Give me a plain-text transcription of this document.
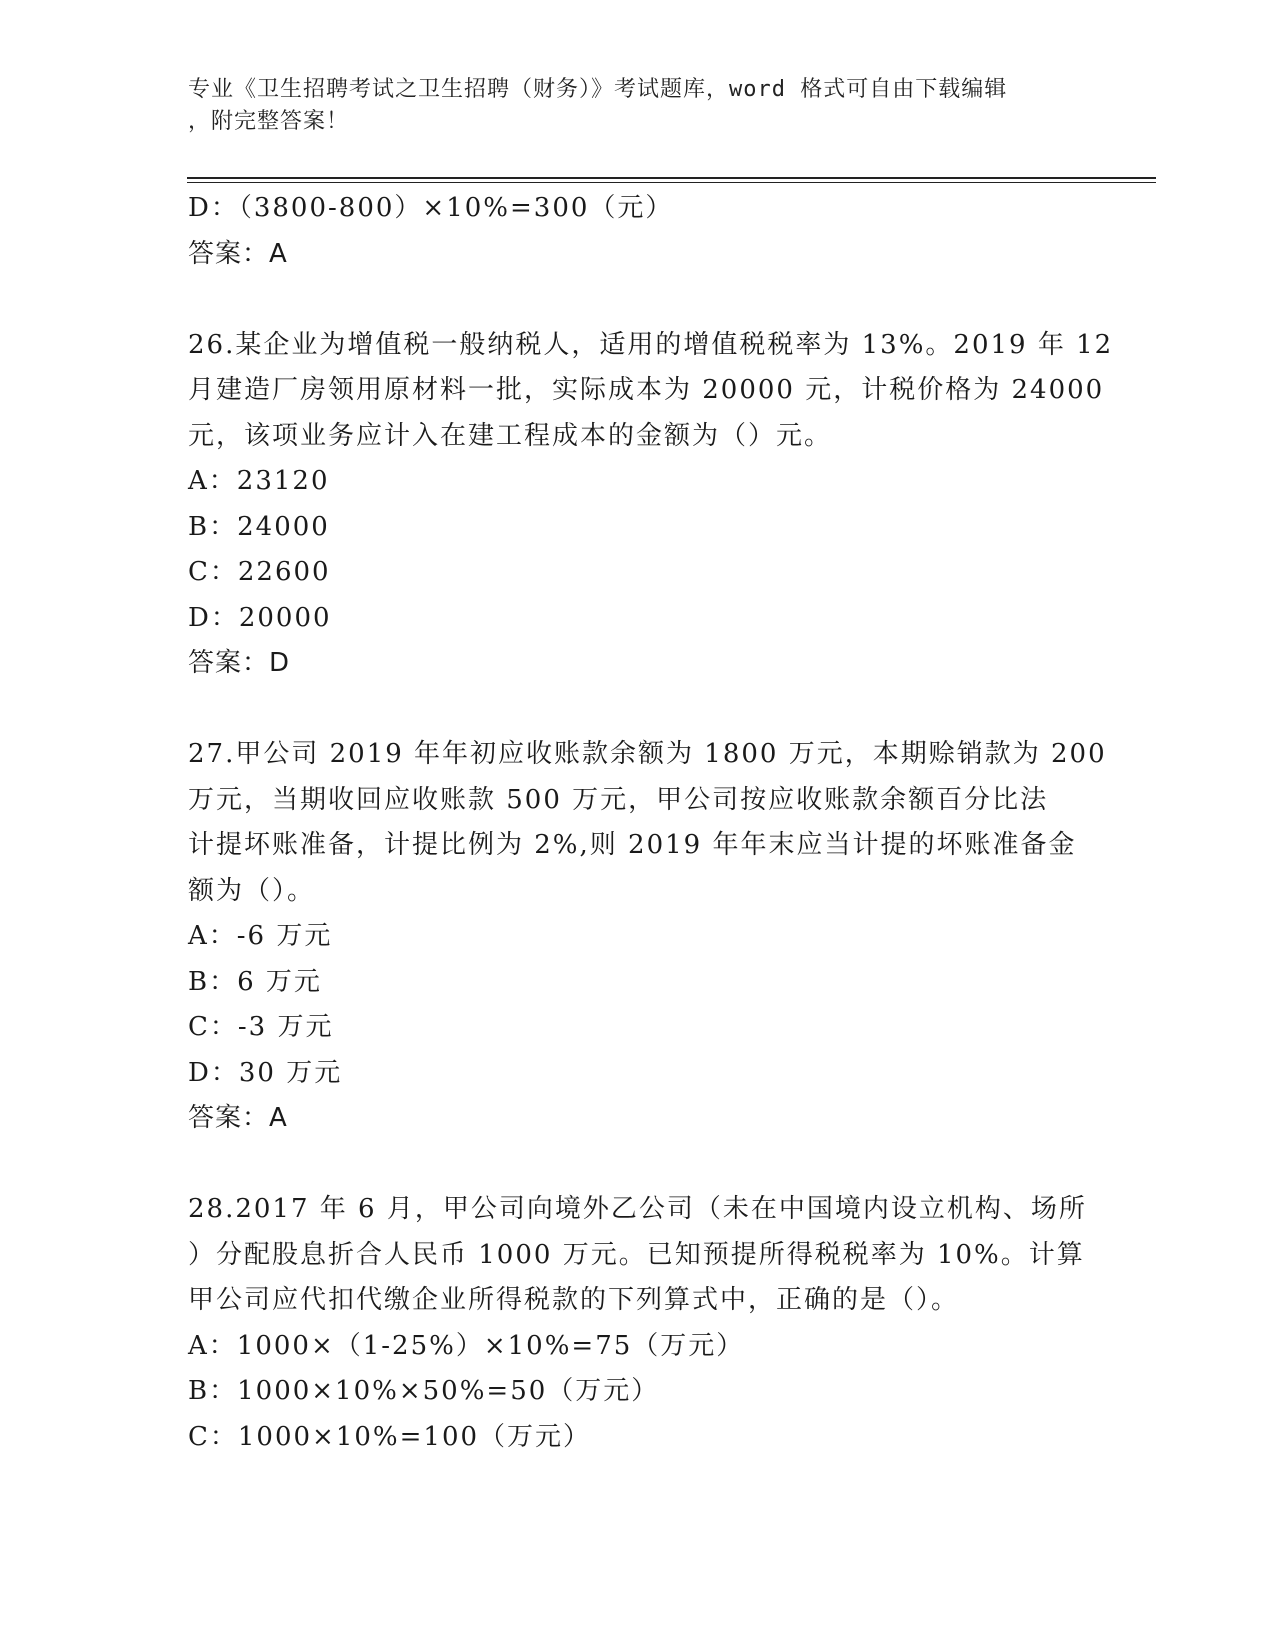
专业《卫生招聘考试之卫生招聘（财务）》考试题库，word 格式可自由下载编辑
，附完整答案！
D：（3800-800）×10%=300（元）
答案：A
26.某企业为增值税一般纳税人，适用的增值税税率为 13%。2019 年 12
月建造厂房领用原材料一批，实际成本为 20000 元，计税价格为 24000
元，该项业务应计入在建工程成本的金额为（）元。
A：23120
B：24000
C：22600
D：20000
答案：D
27.甲公司 2019 年年初应收账款余额为 1800 万元，本期赊销款为 200
万元，当期收回应收账款 500 万元，甲公司按应收账款余额百分比法
计提坏账准备，计提比例为 2%,则 2019 年年末应当计提的坏账准备金
额为（）。
A：-6 万元
B：6 万元
C：-3 万元
D：30 万元
答案：A
28.2017 年 6 月，甲公司向境外乙公司（未在中国境内设立机构、场所
）分配股息折合人民币 1000 万元。已知预提所得税税率为 10%。计算
甲公司应代扣代缴企业所得税款的下列算式中，正确的是（）。
A：1000×（1-25%）×10%=75（万元）
B：1000×10%×50%=50（万元）
C：1000×10%=100（万元）
